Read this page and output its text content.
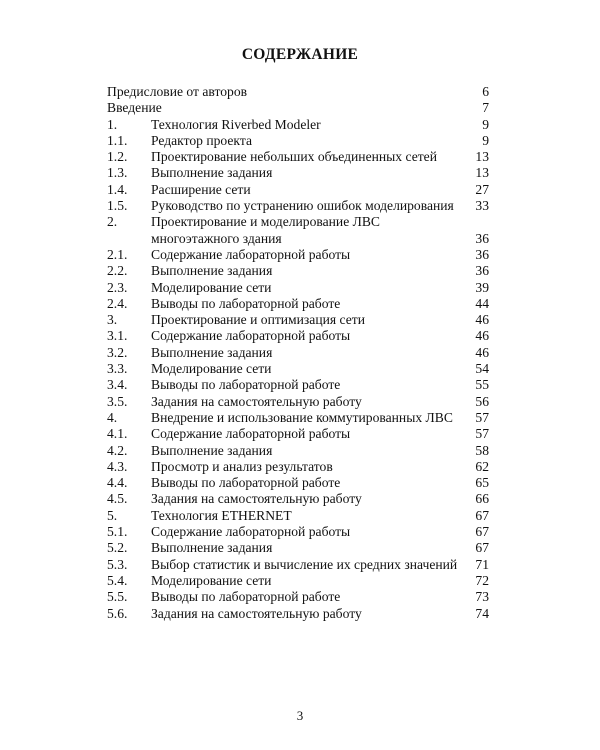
СОДЕРЖАНИЕ
Предисловие от авторов	6
Введение	7
1. Технология Riverbed Modeler	9
1.1. Редактор проекта	9
1.2. Проектирование небольших объединенных сетей	13
1.3. Выполнение задания	13
1.4. Расширение сети	27
1.5. Руководство по устранению ошибок моделирования	33
2. Проектирование и моделирование ЛВС многоэтажного здания	36
2.1. Содержание лабораторной работы	36
2.2. Выполнение задания	36
2.3. Моделирование сети	39
2.4. Выводы по лабораторной работе	44
3. Проектирование и оптимизация сети	46
3.1. Содержание лабораторной работы	46
3.2. Выполнение задания	46
3.3. Моделирование сети	54
3.4. Выводы по лабораторной работе	55
3.5. Задания на самостоятельную работу	56
4. Внедрение и использование коммутированных ЛВС	57
4.1. Содержание лабораторной работы	57
4.2. Выполнение задания	58
4.3. Просмотр и анализ результатов	62
4.4. Выводы по лабораторной работе	65
4.5. Задания на самостоятельную работу	66
5. Технология ETHERNET	67
5.1. Содержание лабораторной работы	67
5.2. Выполнение задания	67
5.3. Выбор статистик и вычисление их средних значений 71
5.4. Моделирование сети	72
5.5. Выводы по лабораторной работе	73
5.6. Задания на самостоятельную работу	74
3
